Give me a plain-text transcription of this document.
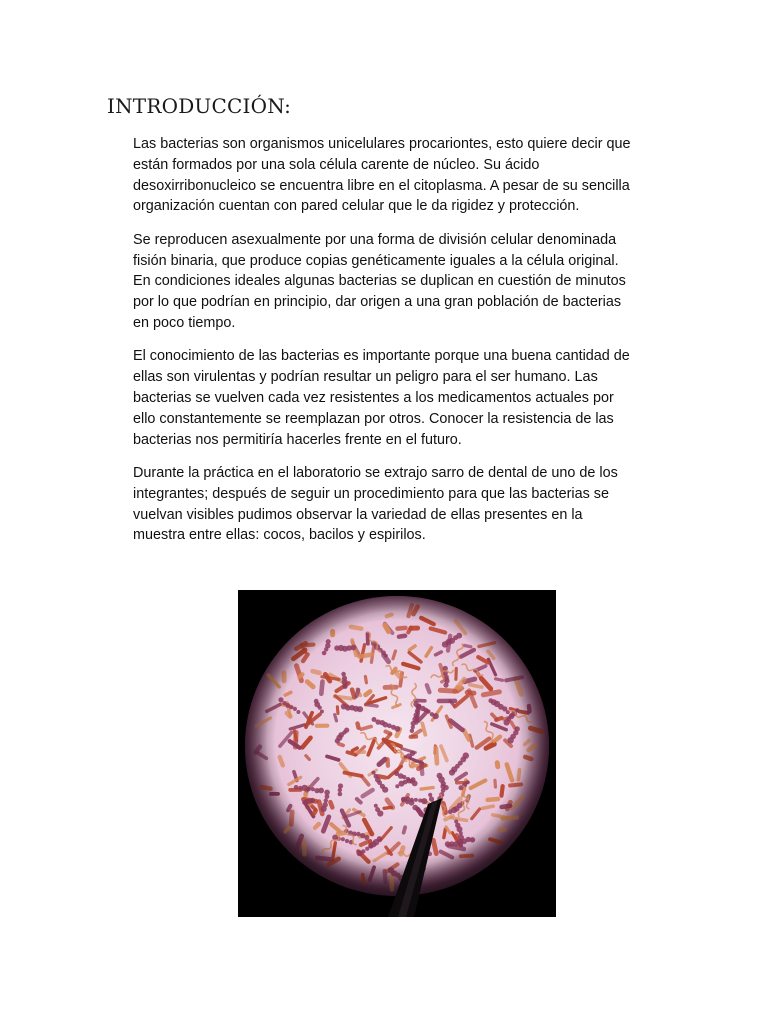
INTRODUCCIÓN:

Las bacterias son organismos unicelulares procariontes, esto quiere decir que
están formados por una sola célula carente de núcleo. Su ácido
desoxirribonucleico se encuentra libre en el citoplasma. A pesar de su sencilla
organización cuentan con pared celular que le da rigidez y protección.

Se reproducen asexualmente por una forma de división celular denominada
fisión binaria, que produce copias genéticamente iguales a la célula original.
En condiciones ideales algunas bacterias se duplican en cuestión de minutos
por lo que podrían en principio, dar origen a una gran población de bacterias
en poco tiempo.

El conocimiento de las bacterias es importante porque una buena cantidad de
ellas son virulentas y podrían resultar un peligro para el ser humano. Las
bacterias se vuelven cada vez resistentes a los medicamentos actuales por
ello constantemente se reemplazan por otros. Conocer la resistencia de las
bacterias nos permitiría hacerles frente en el futuro.

Durante la práctica en el laboratorio se extrajo sarro de dental de uno de los
integrantes; después de seguir un procedimiento para que las bacterias se
vuelvan visibles pudimos observar la variedad de ellas presentes en la
muestra entre ellas: cocos, bacilos y espirilos.
